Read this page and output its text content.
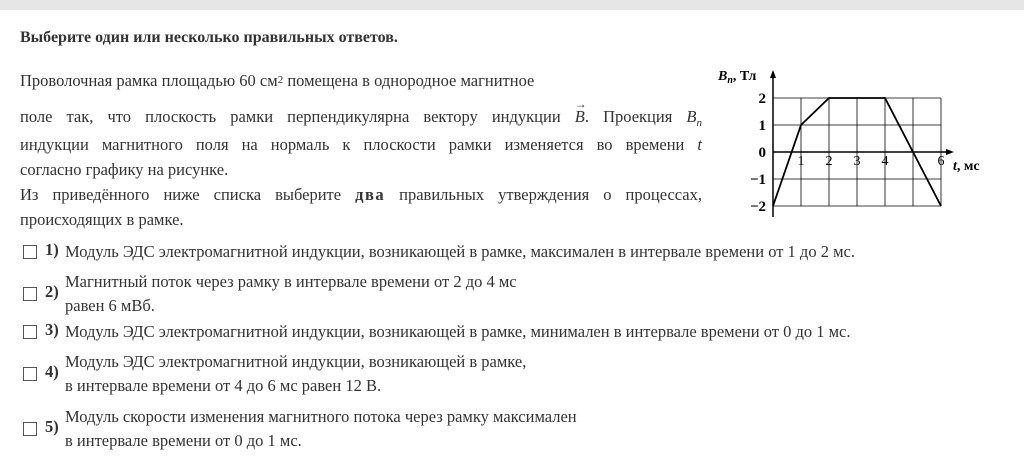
Выберите один или несколько правильных ответов.
Проволочная рамка площадью 60 $см^2$ помещена в однородное магнитное
поле так, что плоскость рамки перпендикулярна вектору индукции
→
B. Проекция $B_n$
индукции магнитного поля на нормаль к плоскости рамки изменяется во времени t
согласно графику на рисунке.
Из приведённого ниже списка выберите два правильных утверждения о процессах,
происходящих в рамке.
$B_n$, Тл
t, мс
2
1
0
−1
−2
1 2 3 4	6
1) Модуль ЭДС электромагнитной индукции, возникающей в рамке, максимален в интервале времени от 1 до 2 мс.
2)
Магнитный поток через рамку в интервале времени от 2 до 4 мс
равен 6 мВб.
3) Модуль ЭДС электромагнитной индукции, возникающей в рамке, минимален в интервале времени от 0 до 1 мс.
4)
Модуль ЭДС электромагнитной индукции, возникающей в рамке,
в интервале времени от 4 до 6 мс равен 12 В.
5)
Модуль скорости изменения магнитного потока через рамку максимален
в интервале времени от 0 до 1 мс.
